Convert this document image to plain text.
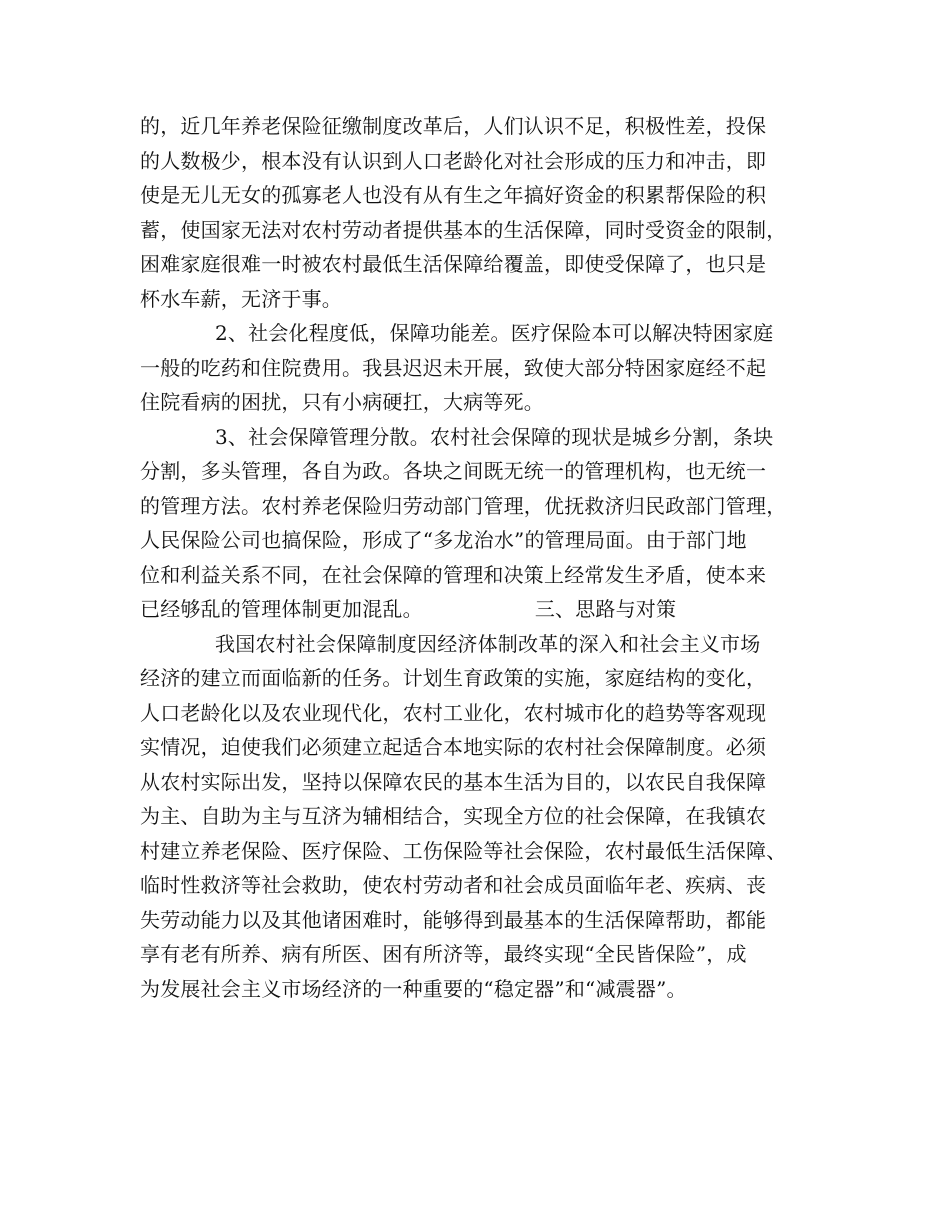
的，近几年养老保险征缴制度改革后，人们认识不足，积极性差，投保
的人数极少，根本没有认识到人口老龄化对社会形成的压力和冲击，即
使是无儿无女的孤寡老人也没有从有生之年搞好资金的积累帮保险的积
蓄，使国家无法对农村劳动者提供基本的生活保障，同时受资金的限制，
困难家庭很难一时被农村最低生活保障给覆盖，即使受保障了，也只是
杯水车薪，无济于事。
2、社会化程度低，保障功能差。医疗保险本可以解决特困家庭
一般的吃药和住院费用。我县迟迟未开展，致使大部分特困家庭经不起
住院看病的困扰，只有小病硬扛，大病等死。
3、社会保障管理分散。农村社会保障的现状是城乡分割，条块
分割，多头管理，各自为政。各块之间既无统一的管理机构，也无统一
的管理方法。农村养老保险归劳动部门管理，优抚救济归民政部门管理，
人民保险公司也搞保险，形成了“多龙治水”的管理局面。由于部门地
位和利益关系不同，在社会保障的管理和决策上经常发生矛盾，使本来
已经够乱的管理体制更加混乱。	三、思路与对策
我国农村社会保障制度因经济体制改革的深入和社会主义市场
经济的建立而面临新的任务。计划生育政策的实施，家庭结构的变化，
人口老龄化以及农业现代化，农村工业化，农村城市化的趋势等客观现
实情况，迫使我们必须建立起适合本地实际的农村社会保障制度。必须
从农村实际出发，坚持以保障农民的基本生活为目的，以农民自我保障
为主、自助为主与互济为辅相结合，实现全方位的社会保障，在我镇农
村建立养老保险、医疗保险、工伤保险等社会保险，农村最低生活保障、
临时性救济等社会救助，使农村劳动者和社会成员面临年老、疾病、丧
失劳动能力以及其他诸困难时，能够得到最基本的生活保障帮助，都能
享有老有所养、病有所医、困有所济等，最终实现“全民皆保险”，成
为发展社会主义市场经济的一种重要的“稳定器”和“减震器”。
